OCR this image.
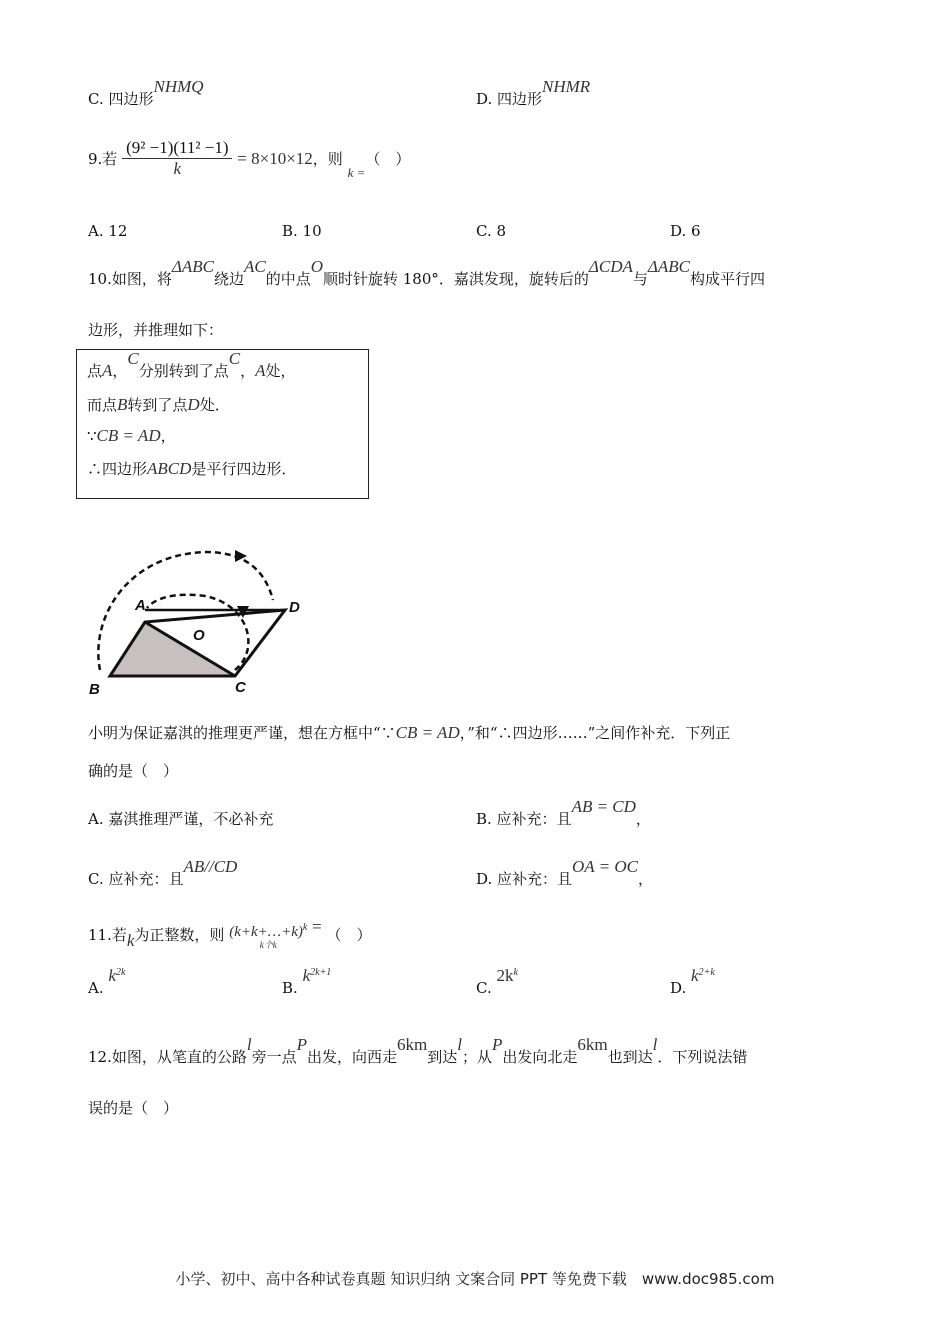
C. 四边形NHMQ
D. 四边形NHMR
9.若 $\frac{\text{(9² −1)(11² −1)}}{k} = 8\times 10\times 12$，则 k =（　）
A. 12	B. 10	C. 8	D. 6
10.如图，将ΔABC绕边AC的中点O顺时针旋转 180°．嘉淇发现，旋转后的ΔCDA与ΔABC构成平行四
边形，并推理如下：
点A，C分别转到了点C，A处，
而点B转到了点D处．
∵CB = AD，
∴四边形ABCD是平行四边形．
A
B	C
D
O
小明为保证嘉淇的推理更严谨，想在方框中“∵CB = AD，”和“∴四边形……”之间作补充．下列正
确的是（　）
A. 嘉淇推理严谨，不必补充	B. 应补充：且AB = CD，
C. 应补充：且AB//CD
D. 应补充：且OA = OC，
11.若k为正整数，则 (k+k+…+k)$^k$
k个k
= （　）
A. $k^{2k}$
B. $k^{2k+1}$
C. $2k^k$
D. $k^{2+k}$
12.如图，从笔直的公路l旁一点P出发，向西走6km到达l；从P出发向北走6km也到达l．下列说法错
误的是（　）
小学、初中、高中各种试卷真题 知识归纳 文案合同 PPT 等免费下载　www.doc985.com
